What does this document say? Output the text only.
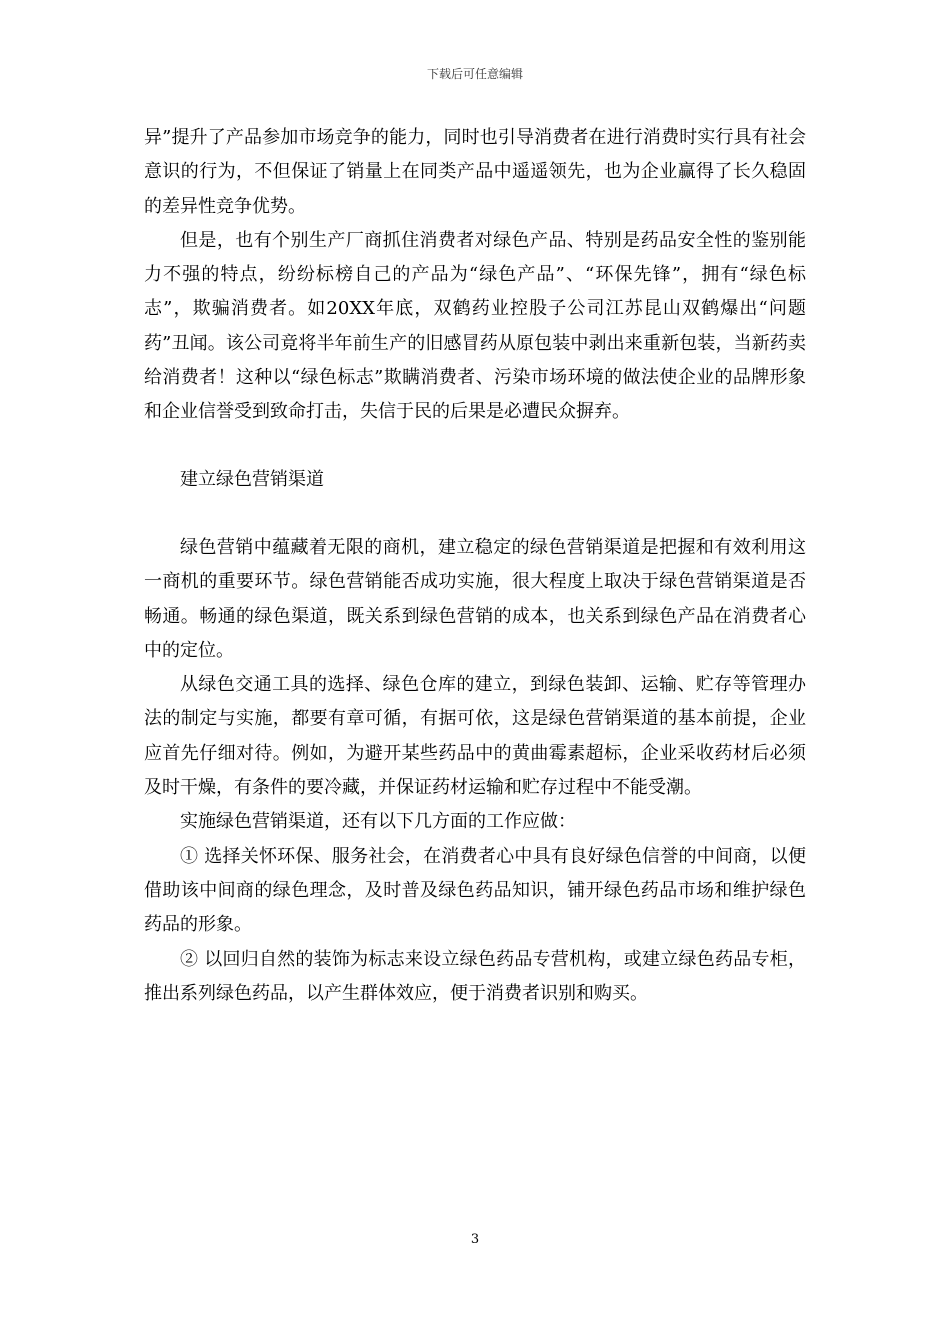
下载后可任意编辑

异”提升了产品参加市场竞争的能力，同时也引导消费者在进行消费时实行具有社会意识的行为，不但保证了销量上在同类产品中遥遥领先，也为企业赢得了长久稳固的差异性竞争优势。

但是，也有个别生产厂商抓住消费者对绿色产品、特别是药品安全性的鉴别能力不强的特点，纷纷标榜自己的产品为“绿色产品”、“环保先锋”，拥有“绿色标志”，欺骗消费者。如20XX年底，双鹤药业控股子公司江苏昆山双鹤爆出“问题药”丑闻。该公司竟将半年前生产的旧感冒药从原包装中剥出来重新包装，当新药卖给消费者！这种以“绿色标志”欺瞒消费者、污染市场环境的做法使企业的品牌形象和企业信誉受到致命打击，失信于民的后果是必遭民众摒弃。

建立绿色营销渠道

绿色营销中蕴藏着无限的商机，建立稳定的绿色营销渠道是把握和有效利用这一商机的重要环节。绿色营销能否成功实施，很大程度上取决于绿色营销渠道是否畅通。畅通的绿色渠道，既关系到绿色营销的成本，也关系到绿色产品在消费者心中的定位。

从绿色交通工具的选择、绿色仓库的建立，到绿色装卸、运输、贮存等管理办法的制定与实施，都要有章可循，有据可依，这是绿色营销渠道的基本前提，企业应首先仔细对待。例如，为避开某些药品中的黄曲霉素超标，企业采收药材后必须及时干燥，有条件的要冷藏，并保证药材运输和贮存过程中不能受潮。

实施绿色营销渠道，还有以下几方面的工作应做：

① 选择关怀环保、服务社会，在消费者心中具有良好绿色信誉的中间商，以便借助该中间商的绿色理念，及时普及绿色药品知识，铺开绿色药品市场和维护绿色药品的形象。

② 以回归自然的装饰为标志来设立绿色药品专营机构，或建立绿色药品专柜，推出系列绿色药品，以产生群体效应，便于消费者识别和购买。

3
